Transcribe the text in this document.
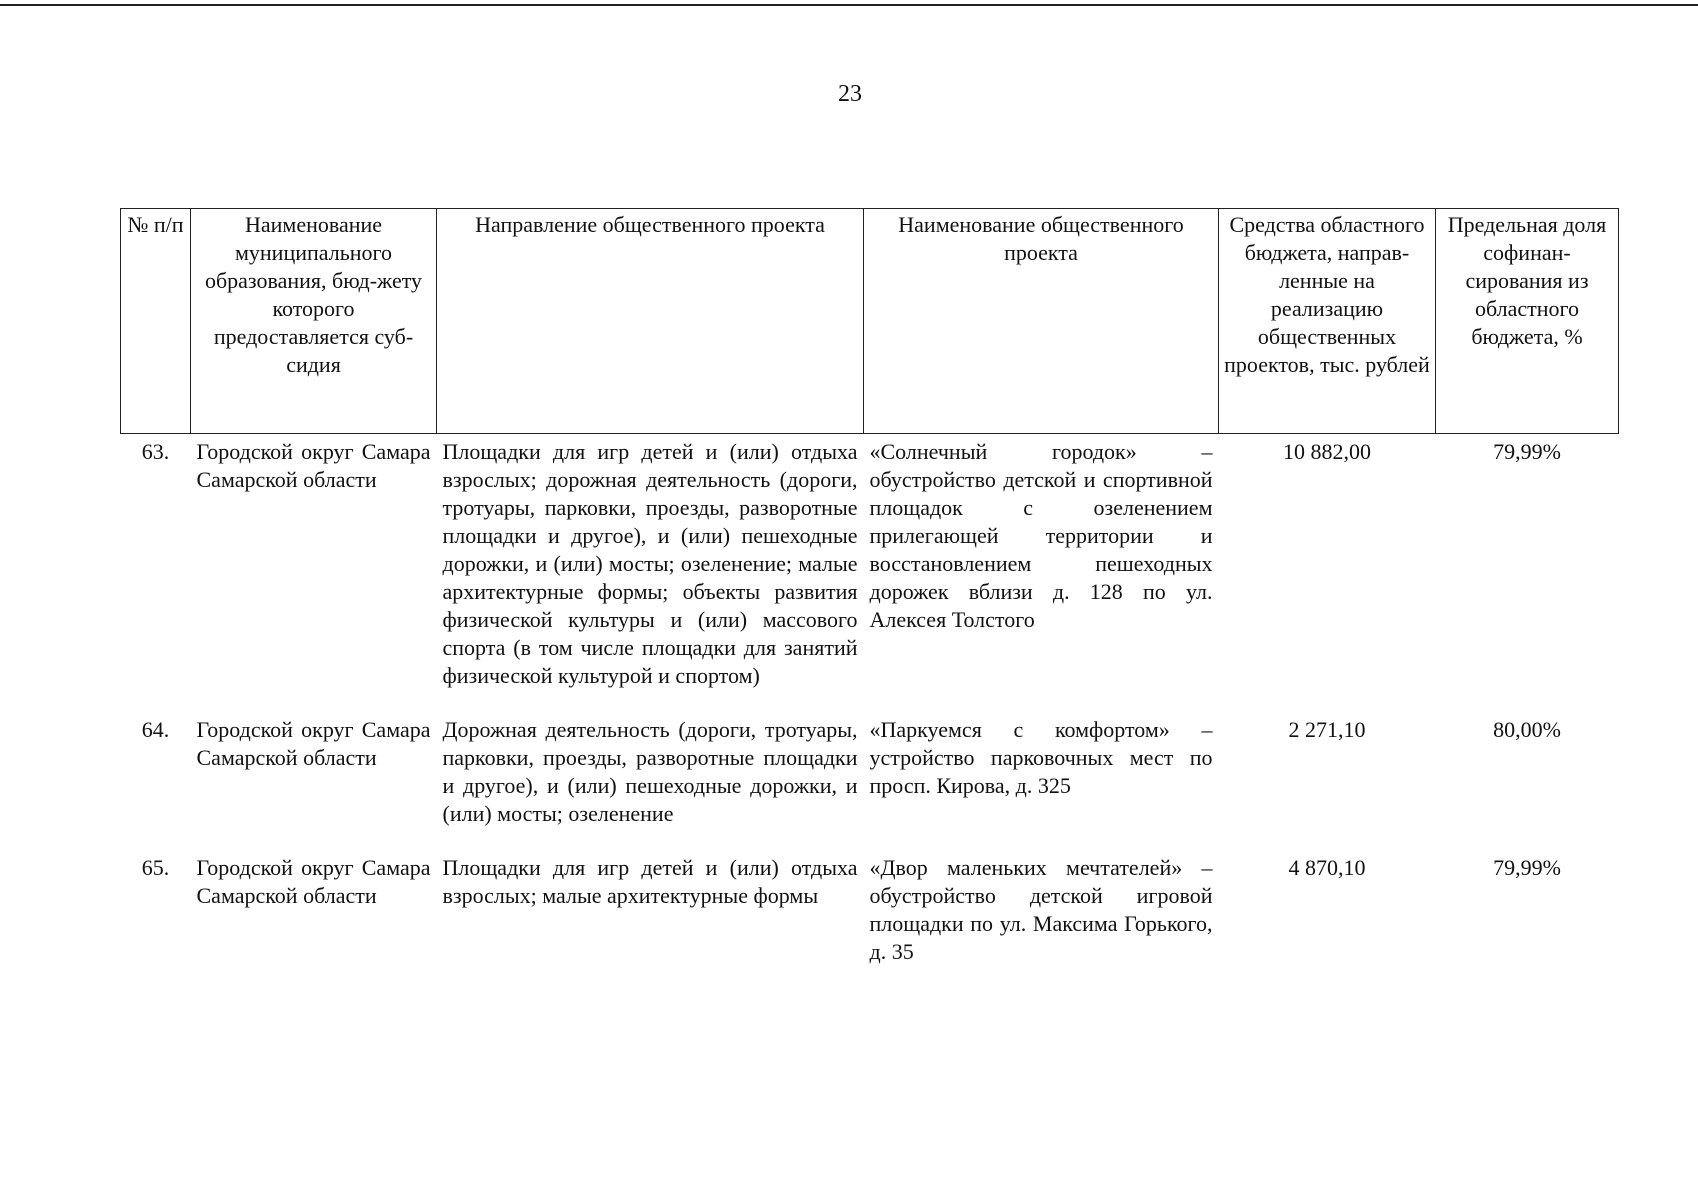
23
№ п/п	Наименование муниципального образования, бюд-жету которого предоставляется суб-сидия	Направление общественного проекта	Наименование общественного проекта	Средства областного бюджета, направ-ленные на реализацию общественных проектов, тыс. рублей	Предельная доля софинан-сирования из областного бюджета, %
63.	Городской округ Самара Самарской области	Площадки для игр детей и (или) отдыха взрослых; дорожная деятельность (дороги, тротуары, парковки, проезды, разворотные площадки и другое), и (или) пешеходные дорожки, и (или) мосты; озеленение; малые архитектурные формы; объекты развития физической культуры и (или) массового спорта (в том числе площадки для занятий физической культурой и спортом)	«Солнечный городок» – обустройство детской и спортивной площадок с озеленением прилегающей территории и восстановлением пешеходных дорожек вблизи д. 128 по ул. Алексея Толстого	10 882,00	79,99%
64.	Городской округ Самара Самарской области	Дорожная деятельность (дороги, тротуары, парковки, проезды, разворотные площадки и другое), и (или) пешеходные дорожки, и (или) мосты; озеленение	«Паркуемся с комфортом» – устройство парковочных мест по просп. Кирова, д. 325	2 271,10	80,00%
65.	Городской округ Самара Самарской области	Площадки для игр детей и (или) отдыха взрослых; малые архитектурные формы	«Двор маленьких мечтателей» – обустройство детской игровой площадки по ул. Максима Горького, д. 35	4 870,10	79,99%
